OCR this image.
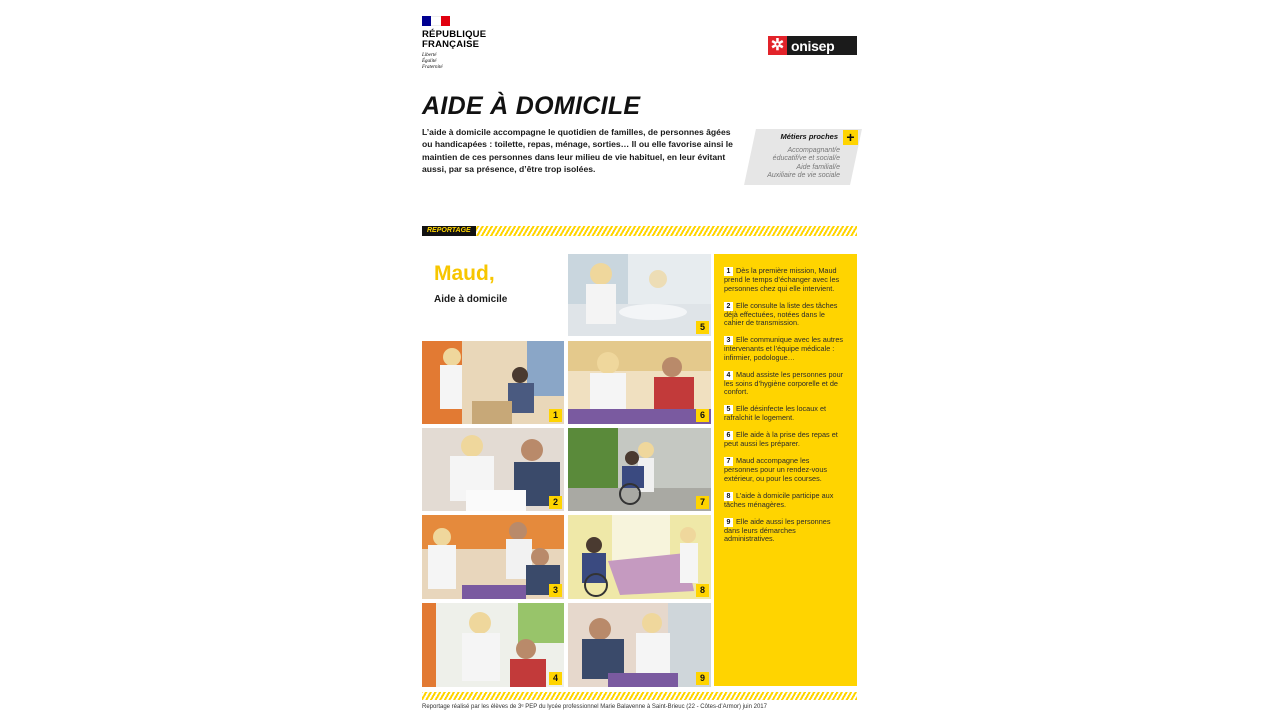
RÉPUBLIQUE
FRANÇAISE
Liberté
Égalité
Fraternité
✲ onisep
AIDE À DOMICILE
L’aide à domicile accompagne le quotidien de familles, de personnes âgées ou handicapées : toilette, repas, ménage, sorties… Il ou elle favorise ainsi le maintien de ces personnes dans leur milieu de vie habituel, en leur évitant aussi, par sa présence, d’être trop isolées.
Métiers proches +
Accompagnant/e
éducatif/ve et social/e
Aide familial/e
Auxiliaire de vie sociale
REPORTAGE
Maud,
Aide à domicile
5
1	6
2	7
3	8
4	9
1 Dès la première mission, Maud prend le temps d’échanger avec les personnes chez qui elle intervient.
2 Elle consulte la liste des tâches déjà effectuées, notées dans le cahier de transmission.
3 Elle communique avec les autres intervenants et l’équipe médicale : infirmier, podologue…
4 Maud assiste les personnes pour les soins d’hygiène corporelle et de confort.
5 Elle désinfecte les locaux et rafraîchit le logement.
6 Elle aide à la prise des repas et peut aussi les préparer.
7 Maud accompagne les personnes pour un rendez-vous extérieur, ou pour les courses.
8 L’aide à domicile participe aux tâches ménagères.
9 Elle aide aussi les personnes dans leurs démarches administratives.
Reportage réalisé par les élèves de 3ᵉ PEP du lycée professionnel Marie Balavenne à Saint-Brieuc (22 - Côtes-d’Armor) juin 2017
